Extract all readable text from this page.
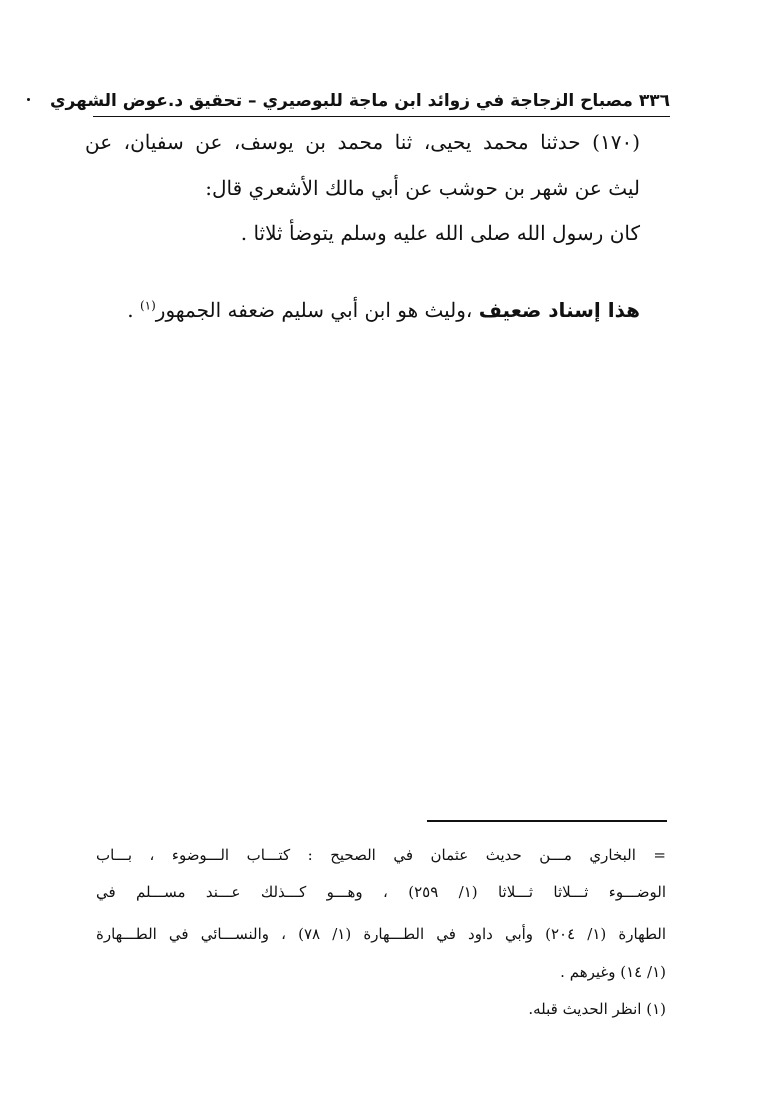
٣٣٦ مصباح الزجاجة في زوائد ابن ماجة للبوصيري – تحقيق د.عوض الشهري
(١٧٠) حدثنا محمد يحيى، ثنا محمد بن يوسف، عن سفيان، عن
ليث عن شهر بن حوشب عن أبي مالك الأشعري قال:
كان رسول الله صلى الله عليه وسلم يتوضأ ثلاثا .
هذا إسناد ضعيف ،وليث هو ابن أبي سليم ضعفه الجمهور$^{(١)}$ .
= البخاري مـــن حديث عثمان في الصحيح : كتـــاب الـــوضوء ، بـــاب
الوضـــوء ثـــلاثا ثـــلاثا (١/ ٢٥٩) ، وهـــو كـــذلك عـــند مســـلم في
الطهارة (١/ ٢٠٤) وأبي داود في الطـــهارة (١/ ٧٨) ، والنســـائي في الطـــهارة
(١/ ١٤) وغيرهم .
(١) انظر الحديث قبله.
